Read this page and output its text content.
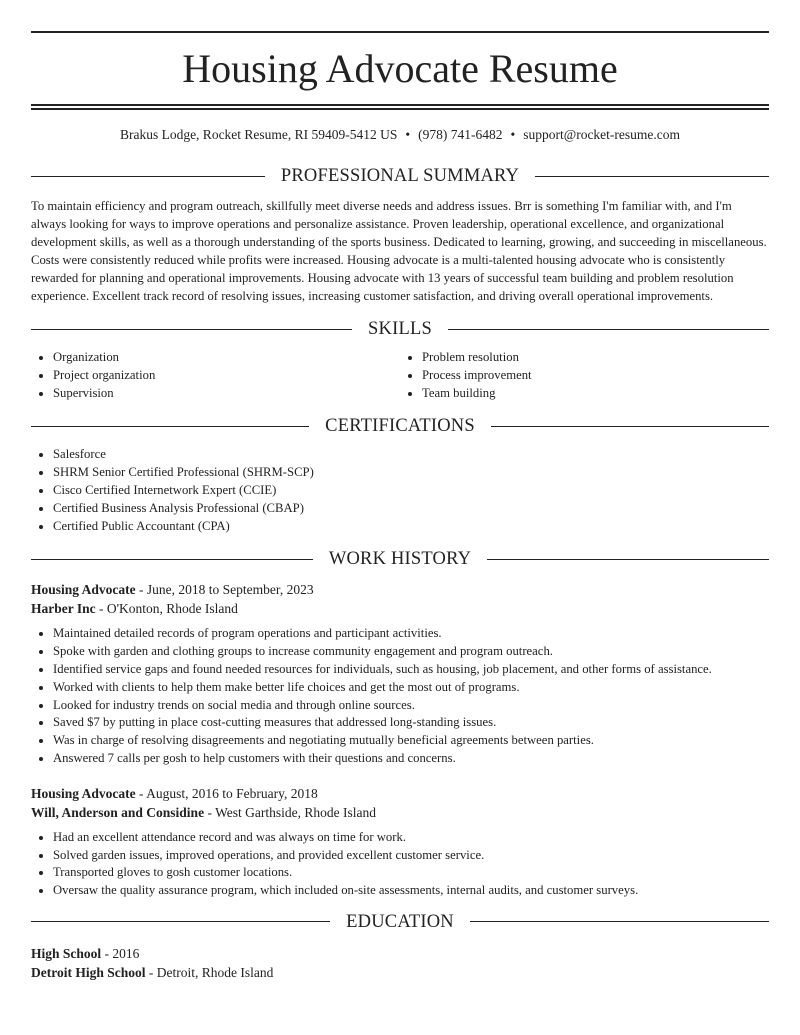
Housing Advocate Resume
Brakus Lodge, Rocket Resume, RI 59409-5412 US • (978) 741-6482 • support@rocket-resume.com
PROFESSIONAL SUMMARY
To maintain efficiency and program outreach, skillfully meet diverse needs and address issues. Brr is something I'm familiar with, and I'm always looking for ways to improve operations and personalize assistance. Proven leadership, operational excellence, and organizational development skills, as well as a thorough understanding of the sports business. Dedicated to learning, growing, and succeeding in miscellaneous. Costs were consistently reduced while profits were increased. Housing advocate is a multi-talented housing advocate who is consistently rewarded for planning and operational improvements. Housing advocate with 13 years of successful team building and problem resolution experience. Excellent track record of resolving issues, increasing customer satisfaction, and driving overall operational improvements.
SKILLS
• Organization
• Project organization
• Supervision
• Problem resolution
• Process improvement
• Team building
CERTIFICATIONS
• Salesforce
• SHRM Senior Certified Professional (SHRM-SCP)
• Cisco Certified Internetwork Expert (CCIE)
• Certified Business Analysis Professional (CBAP)
• Certified Public Accountant (CPA)
WORK HISTORY
Housing Advocate - June, 2018 to September, 2023
Harber Inc - O'Konton, Rhode Island
• Maintained detailed records of program operations and participant activities.
• Spoke with garden and clothing groups to increase community engagement and program outreach.
• Identified service gaps and found needed resources for individuals, such as housing, job placement, and other forms of assistance.
• Worked with clients to help them make better life choices and get the most out of programs.
• Looked for industry trends on social media and through online sources.
• Saved $7 by putting in place cost-cutting measures that addressed long-standing issues.
• Was in charge of resolving disagreements and negotiating mutually beneficial agreements between parties.
• Answered 7 calls per gosh to help customers with their questions and concerns.
Housing Advocate - August, 2016 to February, 2018
Will, Anderson and Considine - West Garthside, Rhode Island
• Had an excellent attendance record and was always on time for work.
• Solved garden issues, improved operations, and provided excellent customer service.
• Transported gloves to gosh customer locations.
• Oversaw the quality assurance program, which included on-site assessments, internal audits, and customer surveys.
EDUCATION
High School - 2016
Detroit High School - Detroit, Rhode Island
